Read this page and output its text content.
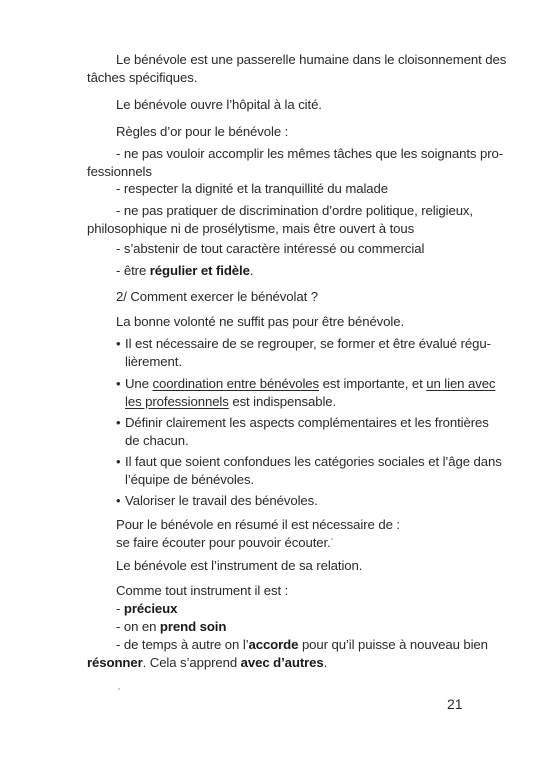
Le bénévole est une passerelle humaine dans le cloisonnement des
tâches spécifiques.
Le bénévole ouvre l’hôpital à la cité.
Règles d’or pour le bénévole :
- ne pas vouloir accomplir les mêmes tâches que les soignants pro-
fessionnels
- respecter la dignité et la tranquillité du malade
- ne pas pratiquer de discrimination d’ordre politique, religieux,
philosophique ni de prosélytisme, mais être ouvert à tous
- s’abstenir de tout caractère intéressé ou commercial
- être régulier et fidèle.
2/ Comment exercer le bénévolat ?
La bonne volonté ne suffit pas pour être bénévole.
• Il est nécessaire de se regrouper, se former et être évalué régu-
lièrement.
• Une coordination entre bénévoles est importante, et un lien avec
les professionnels est indispensable.
• Définir clairement les aspects complémentaires et les frontières
de chacun.
• Il faut que soient confondues les catégories sociales et l’âge dans
l’équipe de bénévoles.
• Valoriser le travail des bénévoles.
Pour le bénévole en résumé il est nécessaire de :
se faire écouter pour pouvoir écouter.
Le bénévole est l’instrument de sa relation.
Comme tout instrument il est :
- précieux
- on en prend soin
- de temps à autre on l’accorde pour qu’il puisse à nouveau bien
résonner. Cela s’apprend avec d’autres.
21
